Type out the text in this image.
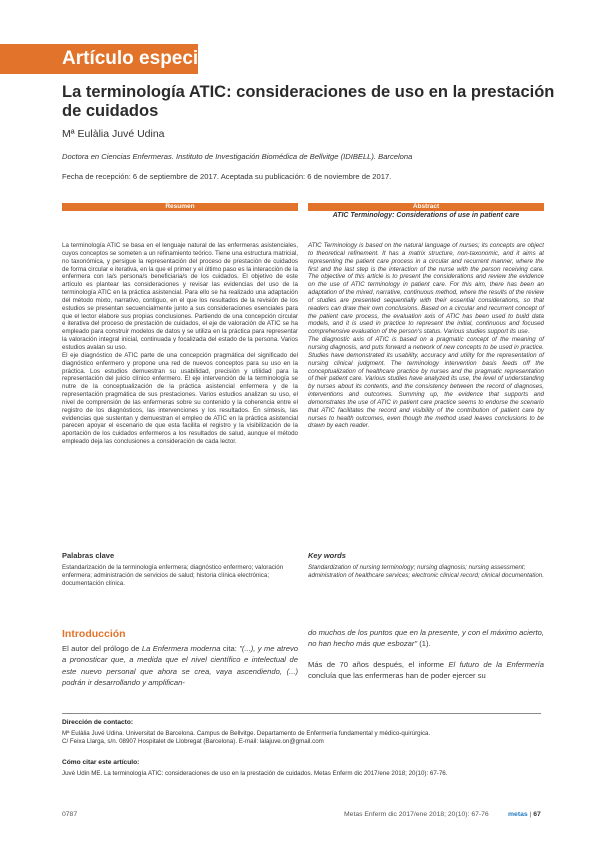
Artículo especial
La terminología ATIC: consideraciones de uso en la prestación de cuidados
Mª Eulàlia Juvé Udina
Doctora en Ciencias Enfermeras. Instituto de Investigación Biomédica de Bellvitge (IDIBELL). Barcelona
Fecha de recepción: 6 de septiembre de 2017. Aceptada su publicación: 6 de noviembre de 2017.
Resumen

La terminología ATIC se basa en el lenguaje natural de las enfermeras asistenciales, cuyos conceptos se someten a un refinamiento teórico. Tiene una estructura matricial, no taxonómica, y persigue la representación del proceso de prestación de cuidados de forma circular e iterativa, en la que el primer y el último paso es la interacción de la enfermera con la/s persona/s beneficiaria/s de los cuidados. El objetivo de este artículo es plantear las consideraciones y revisar las evidencias del uso de la terminología ATIC en la práctica asistencial. Para ello se ha realizado una adaptación del método mixto, narrativo, contiguo, en el que los resultados de la revisión de los estudios se presentan secuencialmente junto a sus consideraciones esenciales para que el lector elabore sus propias conclusiones. Partiendo de una concepción circular e iterativa del proceso de prestación de cuidados, el eje de valoración de ATIC se ha empleado para construir modelos de datos y se utiliza en la práctica para representar la valoración integral inicial, continuada y focalizada del estado de la persona. Varios estudios avalan su uso.

El eje diagnóstico de ATIC parte de una concepción pragmática del significado del diagnóstico enfermero y propone una red de nuevos conceptos para su uso en la práctica. Los estudios demuestran su usabilidad, precisión y utilidad para la representación del juicio clínico enfermero. El eje intervención de la terminología se nutre de la conceptualización de la práctica asistencial enfermera y de la representación pragmática de sus prestaciones. Varios estudios analizan su uso, el nivel de comprensión de las enfermeras sobre su contenido y la coherencia entre el registro de los diagnósticos, las intervenciones y los resultados. En síntesis, las evidencias que sustentan y demuestran el empleo de ATIC en la práctica asistencial parecen apoyar el escenario de que esta facilita el registro y la visibilización de la aportación de los cuidados enfermeros a los resultados de salud, aunque el método empleado deja las conclusiones a consideración de cada lector.

Palabras clave
Estandarización de la terminología enfermera; diagnóstico enfermero; valoración enfermera; administración de servicios de salud; historia clínica electrónica; documentación clínica.
Abstract
ATIC Terminology: Considerations of use in patient care

ATIC Terminology is based on the natural language of nurses; its concepts are object to theoretical refinement. It has a matrix structure, non-taxonomic, and it aims at representing the patient care process in a circular and recurrent manner, where the first and the last step is the interaction of the nurse with the person receiving care. The objective of this article is to present the considerations and review the evidence on the use of ATIC terminology in patient care. For this aim, there has been an adaptation of the mixed, narrative, continuous method, where the results of the review of studies are presented sequentially with their essential considerations, so that readers can draw their own conclusions. Based on a circular and recurrent concept of the patient care process, the evaluation axis of ATIC has been used to build data models, and it is used in practice to represent the initial, continuous and focused comprehensive evaluation of the person's status. Various studies support its use.

The diagnostic axis of ATIC is based on a pragmatic concept of the meaning of nursing diagnosis, and puts forward a network of new concepts to be used in practice. Studies have demonstrated its usability, accuracy and utility for the representation of nursing clinical judgment. The terminology intervention basis feeds off the conceptualization of healthcare practice by nurses and the pragmatic representation of their patient care. Various studies have analyzed its use, the level of understanding by nurses about its contents, and the consistency between the record of diagnoses, interventions and outcomes. Summing up, the evidence that supports and demonstrates the use of ATIC in patient care practice seems to endorse the scenario that ATIC facilitates the record and visibility of the contribution of patient care by nurses to health outcomes, even though the method used leaves conclusions to be drawn by each reader.

Key words
Standardization of nursing terminology; nursing diagnosis; nursing assessment; administration of healthcare services; electronic clinical record; clinical documentation.
Introducción

El autor del prólogo de La Enfermera moderna cita: "(...), y me atrevo a pronosticar que, a medida que el nivel científico e intelectual de este nuevo personal que ahora se crea, vaya ascendiendo, (...) podrán ir desarrollando y amplifican-

do muchos de los puntos que en la presente, y con el máximo acierto, no han hecho más que esbozar" (1).

Más de 70 años después, el informe El futuro de la Enfermería concluía que las enfermeras han de poder ejercer su

Dirección de contacto:
Mª Eulàlia Juvé Udina. Universitat de Barcelona. Campus de Bellvitge. Departamento de Enfermería fundamental y médico-quirúrgica.
C/ Feixa Llarga, s/n. 08907 Hospitalet de Llobregat (Barcelona). E-mail: lalajuve.on@gmail.com
Cómo citar este artículo:
Juvé Udin ME. La terminología ATIC: consideraciones de uso en la prestación de cuidados. Metas Enferm dic 2017/ene 2018; 20(10): 67-76.
0787	Metas Enferm dic 2017/ene 2018; 20(10): 67-76	metas | 67
